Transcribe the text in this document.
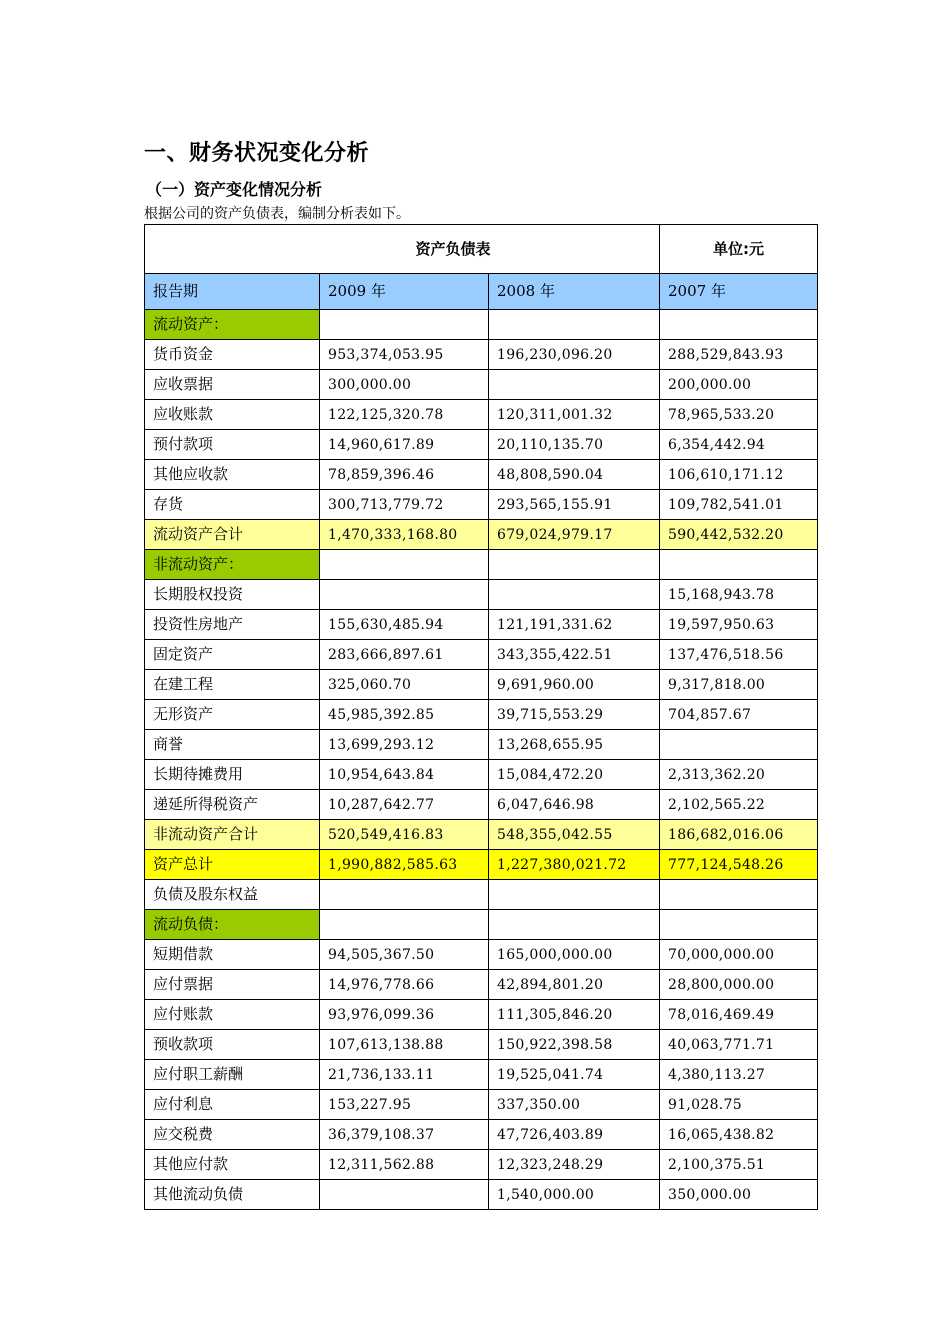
一、财务状况变化分析
（一）资产变化情况分析
根据公司的资产负债表，编制分析表如下。
资产负债表			单位:元
报告期	2009 年	2008 年	2007 年
流动资产：			
货币资金	953,374,053.95	196,230,096.20	288,529,843.93
应收票据	300,000.00		200,000.00
应收账款	122,125,320.78	120,311,001.32	78,965,533.20
预付款项	14,960,617.89	20,110,135.70	6,354,442.94
其他应收款	78,859,396.46	48,808,590.04	106,610,171.12
存货	300,713,779.72	293,565,155.91	109,782,541.01
流动资产合计	1,470,333,168.80	679,024,979.17	590,442,532.20
非流动资产：			
长期股权投资			15,168,943.78
投资性房地产	155,630,485.94	121,191,331.62	19,597,950.63
固定资产	283,666,897.61	343,355,422.51	137,476,518.56
在建工程	325,060.70	9,691,960.00	9,317,818.00
无形资产	45,985,392.85	39,715,553.29	704,857.67
商誉	13,699,293.12	13,268,655.95	
长期待摊费用	10,954,643.84	15,084,472.20	2,313,362.20
递延所得税资产	10,287,642.77	6,047,646.98	2,102,565.22
非流动资产合计	520,549,416.83	548,355,042.55	186,682,016.06
资产总计	1,990,882,585.63	1,227,380,021.72	777,124,548.26
负债及股东权益			
流动负债：			
短期借款	94,505,367.50	165,000,000.00	70,000,000.00
应付票据	14,976,778.66	42,894,801.20	28,800,000.00
应付账款	93,976,099.36	111,305,846.20	78,016,469.49
预收款项	107,613,138.88	150,922,398.58	40,063,771.71
应付职工薪酬	21,736,133.11	19,525,041.74	4,380,113.27
应付利息	153,227.95	337,350.00	91,028.75
应交税费	36,379,108.37	47,726,403.89	16,065,438.82
其他应付款	12,311,562.88	12,323,248.29	2,100,375.51
其他流动负债		1,540,000.00	350,000.00
